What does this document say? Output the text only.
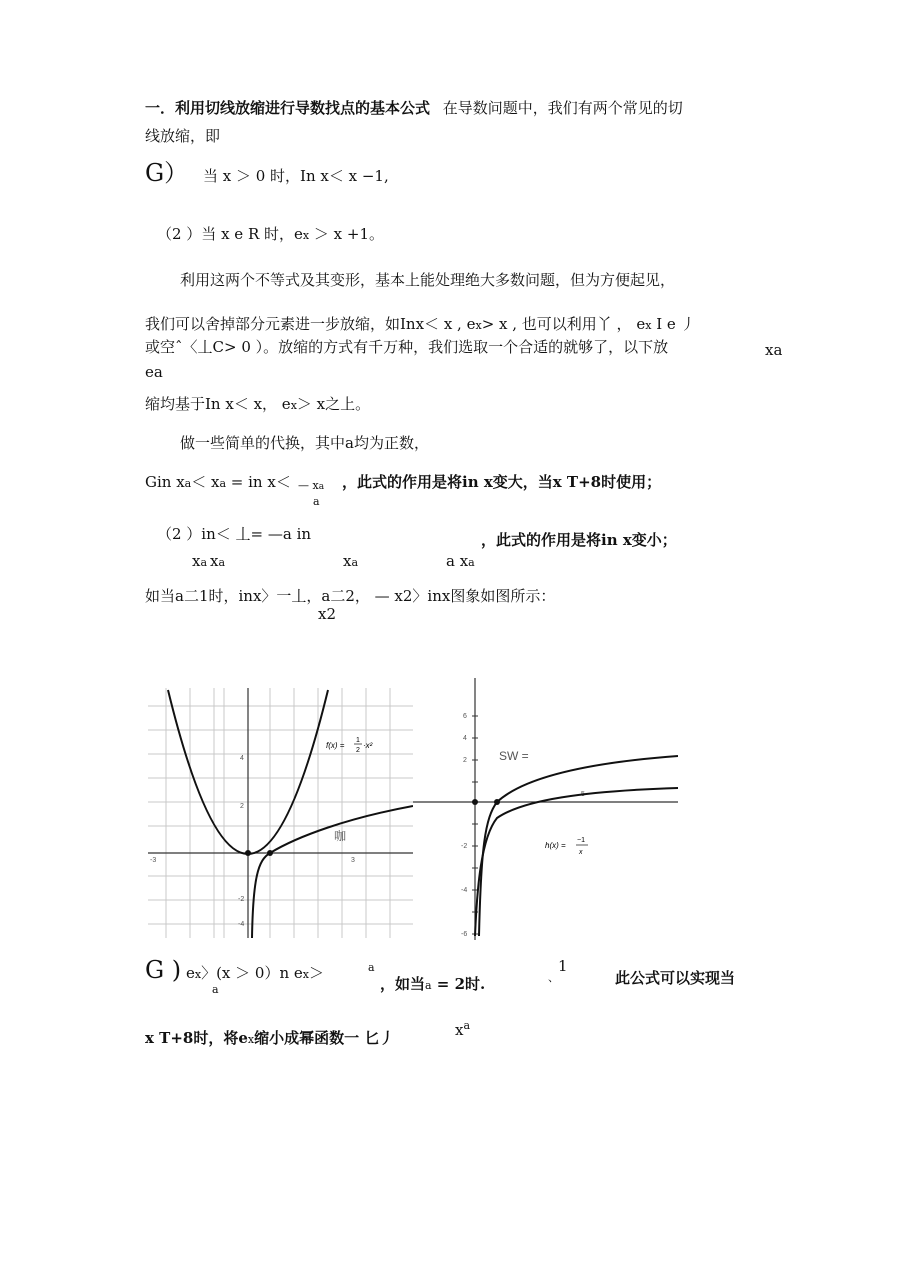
一．利用切线放缩进行导数找点的基本公式 在导数问题中，我们有两个常见的切
线放缩，即
G） 当 x ＞ 0 时，In x＜ x −1,
（2 ）当 x e R 时，ex ＞ x +1。
利用这两个不等式及其变形，基本上能处理绝大多数问题，但为方便起见，
我们可以舍掉部分元素进一步放缩，如Inx＜ x , ex> x , 也可以利用丫 ， ex I e 丿
或空ˆ〈丄C> 0 ）。放缩的方式有千万种，我们选取一个合适的就够了，以下放	xa
ea
缩均基于In x＜ x， ex＞ x之上。
做一些简单的代换，其中a均为正数，
Gin xa＜ xa = in x＜ — xa
a
，此式的作用是将in x变大，当x T+8时使用；
（2 ）in＜ 丄= —a in
xa xa	xa	a xa
，此式的作用是将in x变小；
如当a二1时，inx〉一丄，a二2， — x2〉inx图象如图所示：
x2
-3	3
4
2
-2
-4
f(x) =
1
2
·x²
咖
6
4
2
-2
-4
-6
5
SW =
h(x) =
−1
x
G ) ex〉(x ＞ 0）n ex＞
a
a
，如当a = 2时.	、
1
此公式可以实现当
x T+8时，将ex缩小成幂函数一 匕丿	$x^a$
